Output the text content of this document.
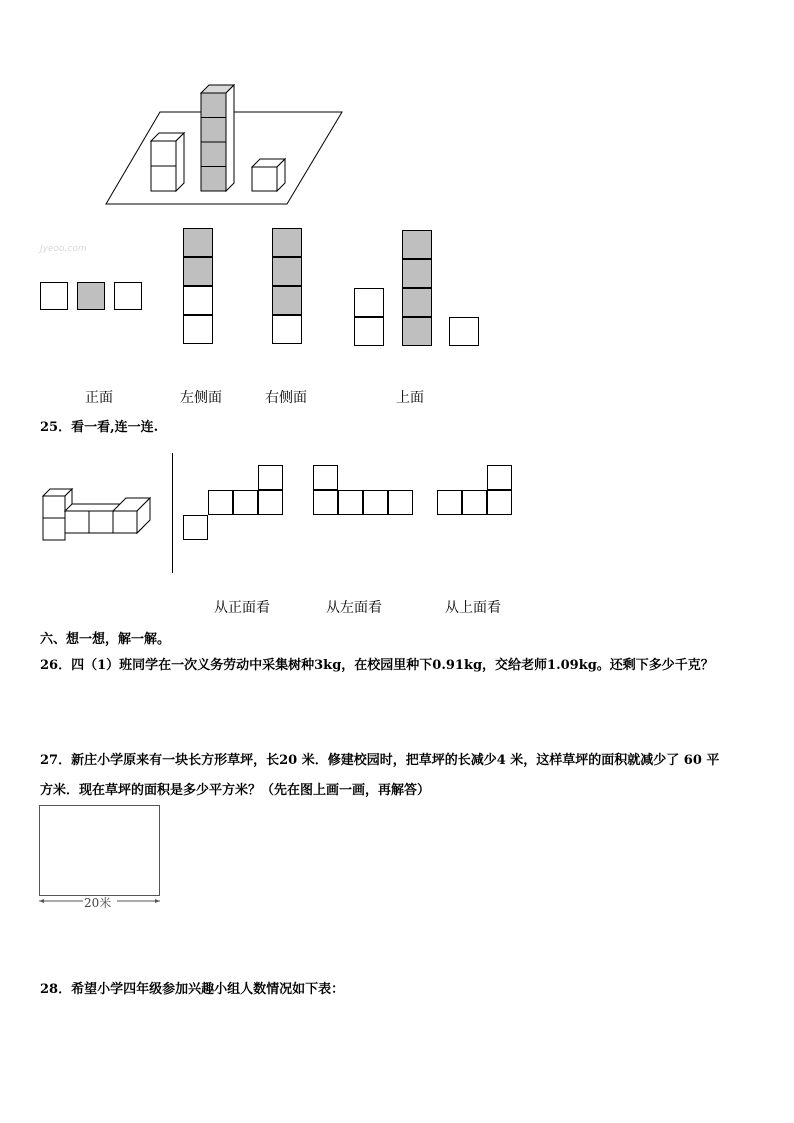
Jyeoo.com
正面	左侧面	右侧面	上面
25．看一看,连一连.
从正面看	从左面看	从上面看
六、想一想，解一解。
26．四（1）班同学在一次义务劳动中采集树种3kg，在校园里种下0.91kg，交给老师1.09kg。还剩下多少千克？
27．新庄小学原来有一块长方形草坪，长20 米．修建校园时，把草坪的长减少4 米，这样草坪的面积就减少了 60 平
方米．现在草坪的面积是多少平方米？（先在图上画一画，再解答）
20米
28．希望小学四年级参加兴趣小组人数情况如下表：
